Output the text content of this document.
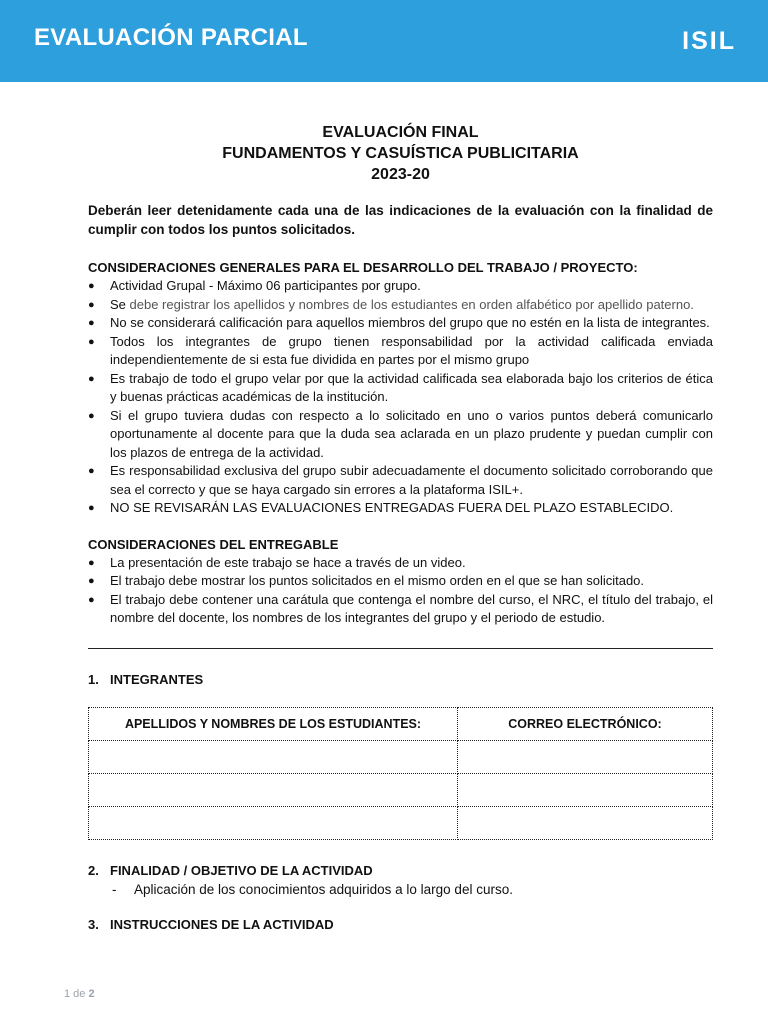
EVALUACIÓN PARCIAL	ISIL
EVALUACIÓN FINAL
FUNDAMENTOS Y CASUÍSTICA PUBLICITARIA
2023-20
Deberán leer detenidamente cada una de las indicaciones de la evaluación con la finalidad de cumplir con todos los puntos solicitados.
CONSIDERACIONES GENERALES PARA EL DESARROLLO DEL TRABAJO / PROYECTO:
● Actividad Grupal - Máximo 06 participantes por grupo.
● Se debe registrar los apellidos y nombres de los estudiantes en orden alfabético por apellido paterno.
● No se considerará calificación para aquellos miembros del grupo que no estén en la lista de integrantes.
● Todos los integrantes de grupo tienen responsabilidad por la actividad calificada enviada independientemente de si esta fue dividida en partes por el mismo grupo
● Es trabajo de todo el grupo velar por que la actividad calificada sea elaborada bajo los criterios de ética y buenas prácticas académicas de la institución.
● Si el grupo tuviera dudas con respecto a lo solicitado en uno o varios puntos deberá comunicarlo oportunamente al docente para que la duda sea aclarada en un plazo prudente y puedan cumplir con los plazos de entrega de la actividad.
● Es responsabilidad exclusiva del grupo subir adecuadamente el documento solicitado corroborando que sea el correcto y que se haya cargado sin errores a la plataforma ISIL+.
● NO SE REVISARÁN LAS EVALUACIONES ENTREGADAS FUERA DEL PLAZO ESTABLECIDO.
CONSIDERACIONES DEL ENTREGABLE
● La presentación de este trabajo se hace a través de un video.
● El trabajo debe mostrar los puntos solicitados en el mismo orden en el que se han solicitado.
● El trabajo debe contener una carátula que contenga el nombre del curso, el NRC, el título del trabajo, el nombre del docente, los nombres de los integrantes del grupo y el periodo de estudio.
1. INTEGRANTES
APELLIDOS Y NOMBRES DE LOS ESTUDIANTES:	CORREO ELECTRÓNICO:

2. FINALIDAD / OBJETIVO DE LA ACTIVIDAD
- Aplicación de los conocimientos adquiridos a lo largo del curso.
3. INSTRUCCIONES DE LA ACTIVIDAD
1 de 2
